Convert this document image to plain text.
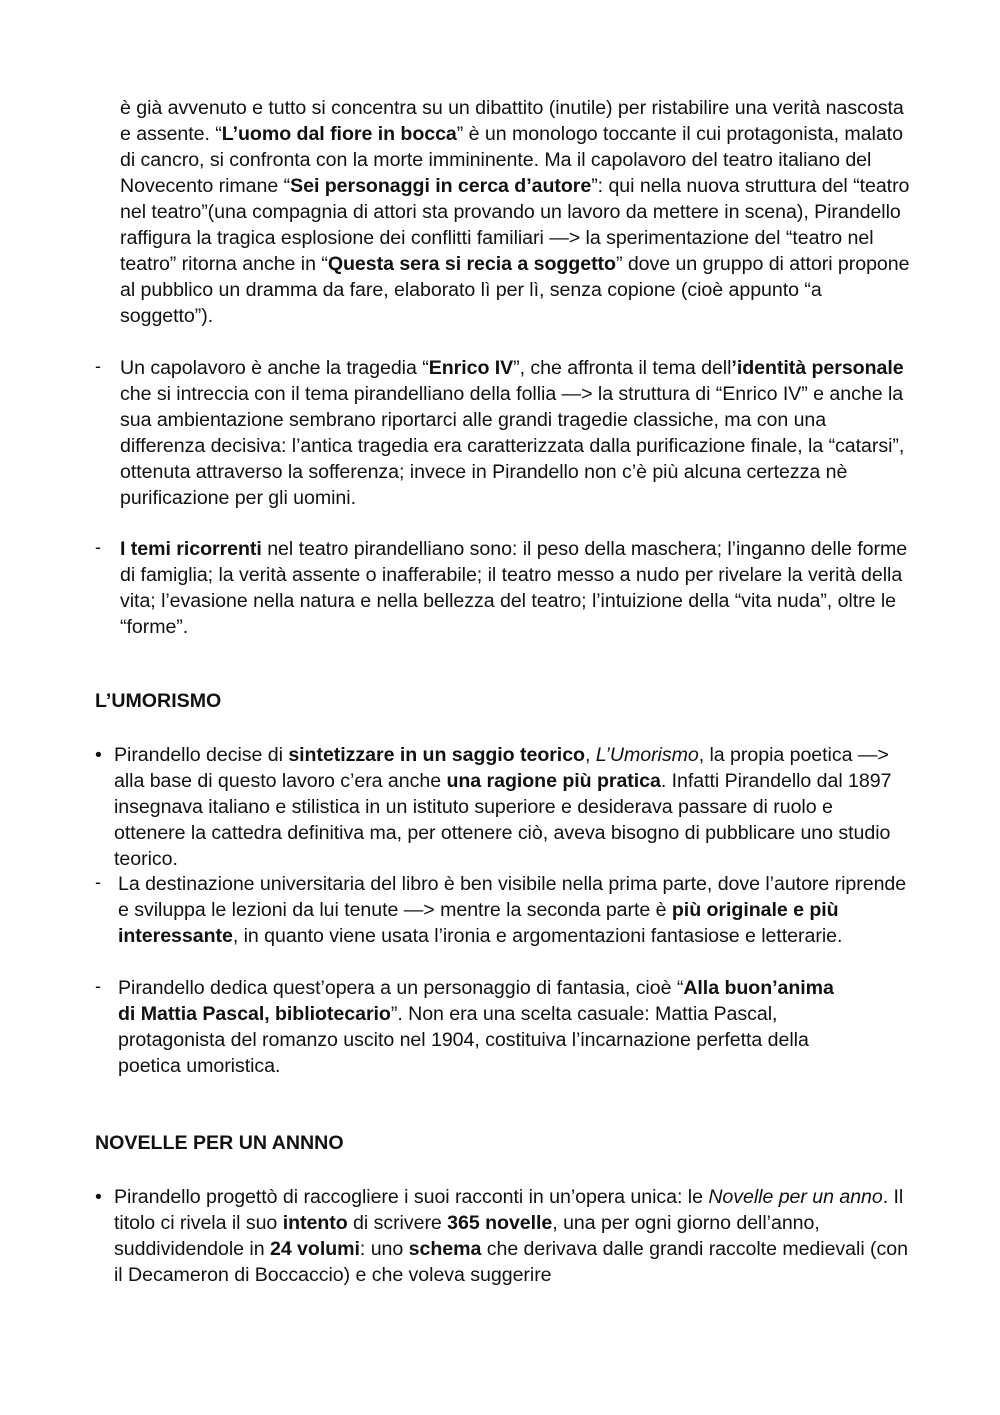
è già avvenuto e tutto si concentra su un dibattito (inutile) per ristabilire una verità nascosta e assente. “L’uomo dal fiore in bocca” è un monologo toccante il cui protagonista, malato di cancro, si confronta con la morte immininente. Ma il capolavoro del teatro italiano del Novecento rimane “Sei personaggi in cerca d’autore”: qui nella nuova struttura del “teatro nel teatro”(una compagnia di attori sta provando un lavoro da mettere in scena), Pirandello raffigura la tragica esplosione dei conflitti familiari —> la sperimentazione del “teatro nel teatro” ritorna anche in “Questa sera si recia a soggetto” dove un gruppo di attori propone al pubblico un dramma da fare, elaborato lì per lì, senza copione (cioè appunto “a soggetto”).

- Un capolavoro è anche la tragedia “Enrico IV”, che affronta il tema dell’identità personale che si intreccia con il tema pirandelliano della follia —> la struttura di “Enrico IV” e anche la sua ambientazione sembrano riportarci alle grandi tragedie classiche, ma con una differenza decisiva: l’antica tragedia era caratterizzata dalla purificazione finale, la “catarsi”, ottenuta attraverso la sofferenza; invece in Pirandello non c’è più alcuna certezza nè purificazione per gli uomini.

- I temi ricorrenti nel teatro pirandelliano sono: il peso della maschera; l’inganno delle forme di famiglia; la verità assente o inafferabile; il teatro messo a nudo per rivelare la verità della vita; l’evasione nella natura e nella bellezza del teatro; l’intuizione della “vita nuda”, oltre le “forme”.

L’UMORISMO
• Pirandello decise di sintetizzare in un saggio teorico, L’Umorismo, la propia poetica —> alla base di questo lavoro c’era anche una ragione più pratica. Infatti Pirandello dal 1897 insegnava italiano e stilistica in un istituto superiore e desiderava passare di ruolo e ottenere la cattedra definitiva ma, per ottenere ciò, aveva bisogno di pubblicare uno studio teorico.

- La destinazione universitaria del libro è ben visibile nella prima parte, dove l’autore riprende e sviluppa le lezioni da lui tenute —> mentre la seconda parte è più originale e più interessante, in quanto viene usata l’ironia e argomentazioni fantasiose e letterarie.

- Pirandello dedica quest’opera a un personaggio di fantasia, cioè “Alla buon’anima di Mattia Pascal, bibliotecario”. Non era una scelta casuale: Mattia Pascal, protagonista del romanzo uscito nel 1904, costituiva l’incarnazione perfetta della poetica umoristica.

NOVELLE PER UN ANNNO
• Pirandello progettò di raccogliere i suoi racconti in un’opera unica: le Novelle per un anno. Il titolo ci rivela il suo intento di scrivere 365 novelle, una per ogni giorno dell’anno, suddividendole in 24 volumi: uno schema che derivava dalle grandi raccolte medievali (con il Decameron di Boccaccio) e che voleva suggerire
